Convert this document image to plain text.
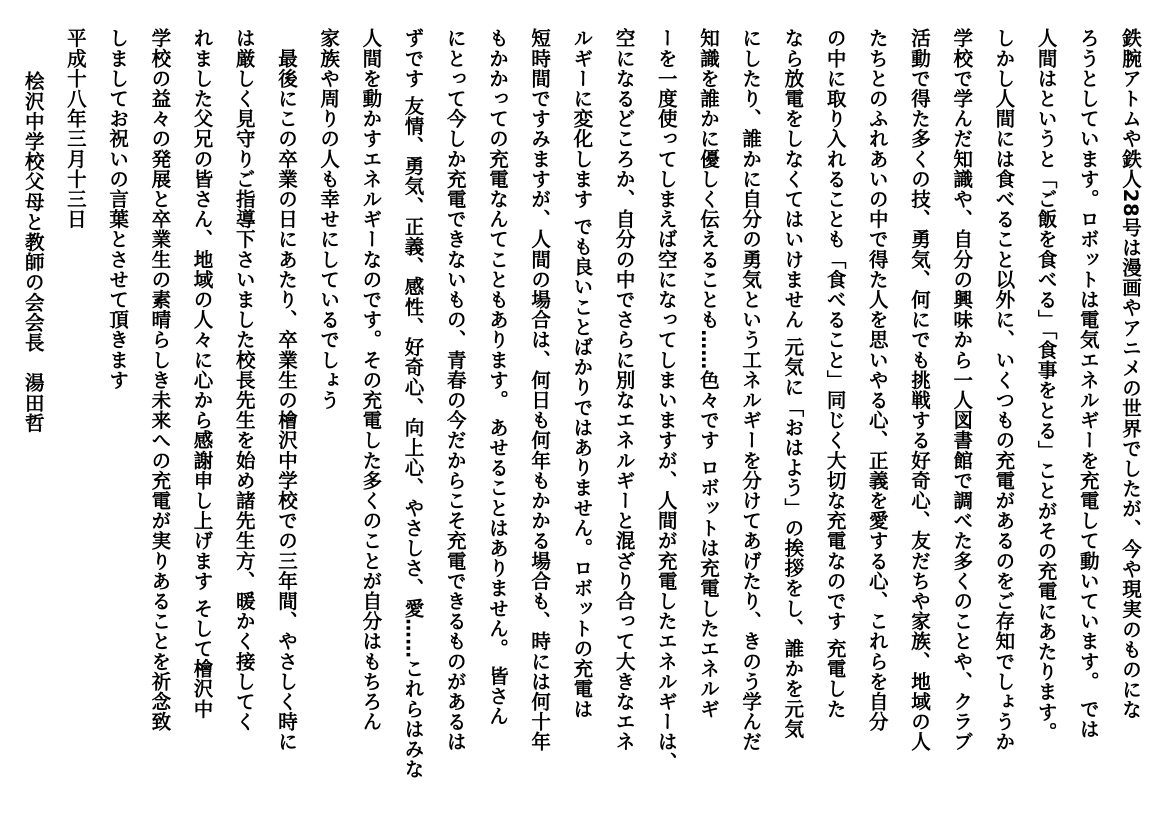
鉄腕アトムや鉄人28号は漫画やアニメの世界でしたが、今や現実のものにな
ろうとしています。ロボットは電気エネルギーを充電して動いています。 では
人間はというと「ご飯を食べる」「食事をとる」ことがその充電にあたります。
しかし人間には食べること以外に、いくつもの充電があるのをご存知でしょうか
学校で学んだ知識や、自分の興味から一人図書館で調べた多くのことや、クラブ
活動で得た多くの技、勇気、何にでも挑戦する好奇心、友だちや家族、地域の人
たちとのふれあいの中で得た人を思いやる心、正義を愛する心、これらを自分
の中に取り入れることも「食べること」同じく大切な充電なのです 充電した
なら放電をしなくてはいけません 元気に「おはよう」の挨拶をし、誰かを元気
にしたり、誰かに自分の勇気という工ネルギーを分けてあげたり、きのう学んだ
知識を誰かに優しく伝えることも……色々です ロボットは充電したエネルギ
ーを一度使ってしまえば空になってしまいますが、人間が充電したエネルギーは、
空になるどころか、自分の中でさらに別なエネルギーと混ざり合って大きなエネ
ルギーに変化します でも良いことばかりではありません。ロボットの充電は
短時間ですみますが、人間の場合は、何日も何年もかかる場合も、時には何十年
もかかっての充電なんてこともあります。 あせることはありません。 皆さん
にとって今しか充電できないもの、青春の今だからこそ充電できるものがあるは
ずです 友情、勇気、正義、感性、好奇心、向上心、やさしさ、愛……これらはみな
人間を動かすエネルギーなのです。その充電した多くのことが自分はもちろん
家族や周りの人も幸せにしているでしょう
　最後にこの卒業の日にあたり、卒業生の檜沢中学校での三年間、やさしく時に
は厳しく見守りご指導下さいました校長先生を始め諸先生方、暖かく接してく
れました父兄の皆さん、地域の人々に心から感謝申し上げます そして檜沢中
学校の益々の発展と卒業生の素晴らしき未来への充電が実りあることを祈念致
しましてお祝いの言葉とさせて頂きます
平成十八年三月十三日
桧沢中学校父母と教師の会会長　湯田哲
